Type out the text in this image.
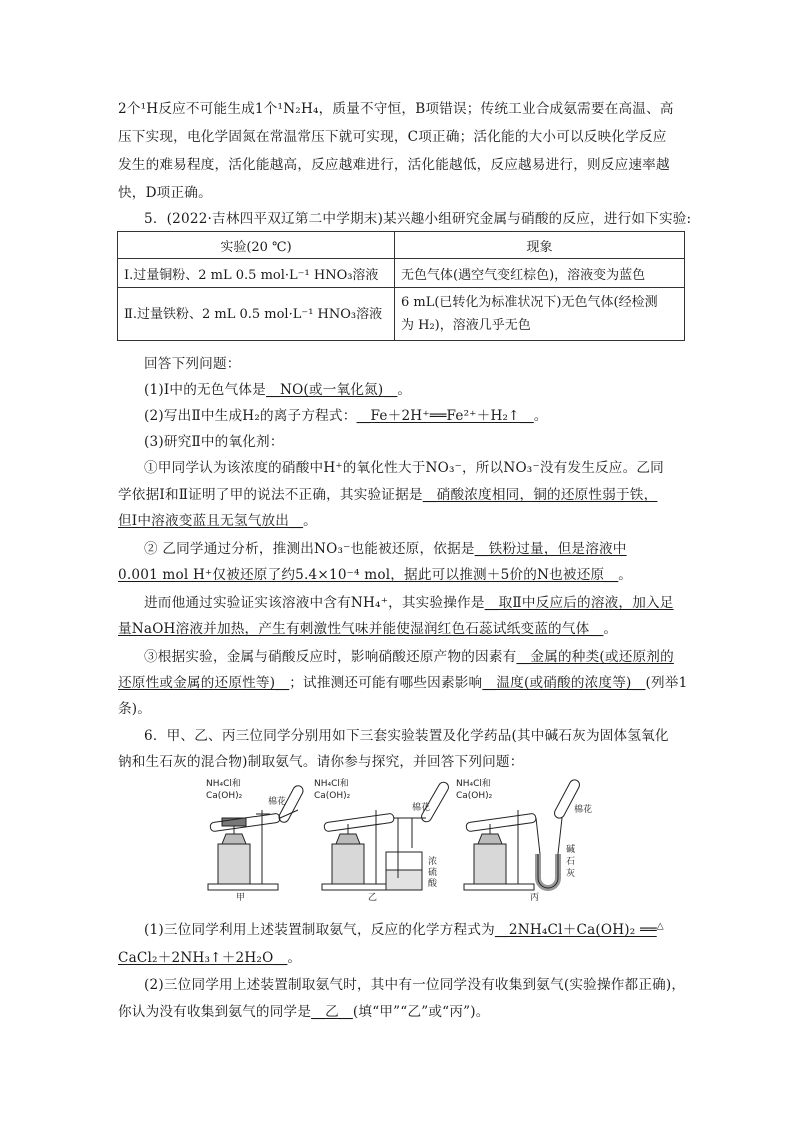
2个¹H反应不可能生成1个¹N₂H₄，质量不守恒，B项错误；传统工业合成氨需要在高温、高
压下实现，电化学固氮在常温常压下就可实现，C项正确；活化能的大小可以反映化学反应
发生的难易程度，活化能越高，反应越难进行，活化能越低，反应越易进行，则反应速率越
快，D项正确。
5．(2022·吉林四平双辽第二中学期末)某兴趣小组研究金属与硝酸的反应，进行如下实验:
实验(20 ℃)	现象
Ⅰ.过量铜粉、2 mL 0.5 mol·L⁻¹ HNO₃溶液	无色气体(遇空气变红棕色)，溶液变为蓝色
Ⅱ.过量铁粉、2 mL 0.5 mol·L⁻¹ HNO₃溶液	6 mL(已转化为标准状况下)无色气体(经检测
为 H₂)，溶液几乎无色
回答下列问题：
(1)Ⅰ中的无色气体是__NO(或一氧化氮)__。
(2)写出Ⅱ中生成H₂的离子方程式：__Fe＋2H⁺══Fe²⁺＋H₂↑__。
(3)研究Ⅱ中的氧化剂：
①甲同学认为该浓度的硝酸中H⁺的氧化性大于NO₃⁻，所以NO₃⁻没有发生反应。乙同
学依据Ⅰ和Ⅱ证明了甲的说法不正确，其实验证据是__硝酸浓度相同，铜的还原性弱于铁，
但Ⅰ中溶液变蓝且无氢气放出__。
② 乙同学通过分析，推测出NO₃⁻也能被还原，依据是__铁粉过量，但是溶液中
0.001 mol H⁺仅被还原了约5.4×10⁻⁴ mol，据此可以推测＋5价的N也被还原__。
进而他通过实验证实该溶液中含有NH₄⁺，其实验操作是__取Ⅱ中反应后的溶液，加入足
量NaOH溶液并加热，产生有刺激性气味并能使湿润红色石蕊试纸变蓝的气体__。
③根据实验，金属与硝酸反应时，影响硝酸还原产物的因素有__金属的种类(或还原剂的
还原性或金属的还原性等)__；试推测还可能有哪些因素影响__温度(或硝酸的浓度等)__(列举1
条)。
6．甲、乙、丙三位同学分别用如下三套实验装置及化学药品(其中碱石灰为固体氢氧化
钠和生石灰的混合物)制取氨气。请你参与探究，并回答下列问题：
NH₄Cl和
Ca(OH)₂
棉花
甲
NH₄Cl和
Ca(OH)₂
棉花
浓
硫
酸
乙
NH₄Cl和
Ca(OH)₂
棉花
碱
石
灰
丙
(1)三位同学利用上述装置制取氨气，反应的化学方程式为__2NH₄Cl＋Ca(OH)₂ ══△
CaCl₂＋2NH₃↑＋2H₂O__。
(2)三位同学用上述装置制取氨气时，其中有一位同学没有收集到氨气(实验操作都正确)，
你认为没有收集到氨气的同学是__乙__(填“甲”“乙”或“丙”)。
